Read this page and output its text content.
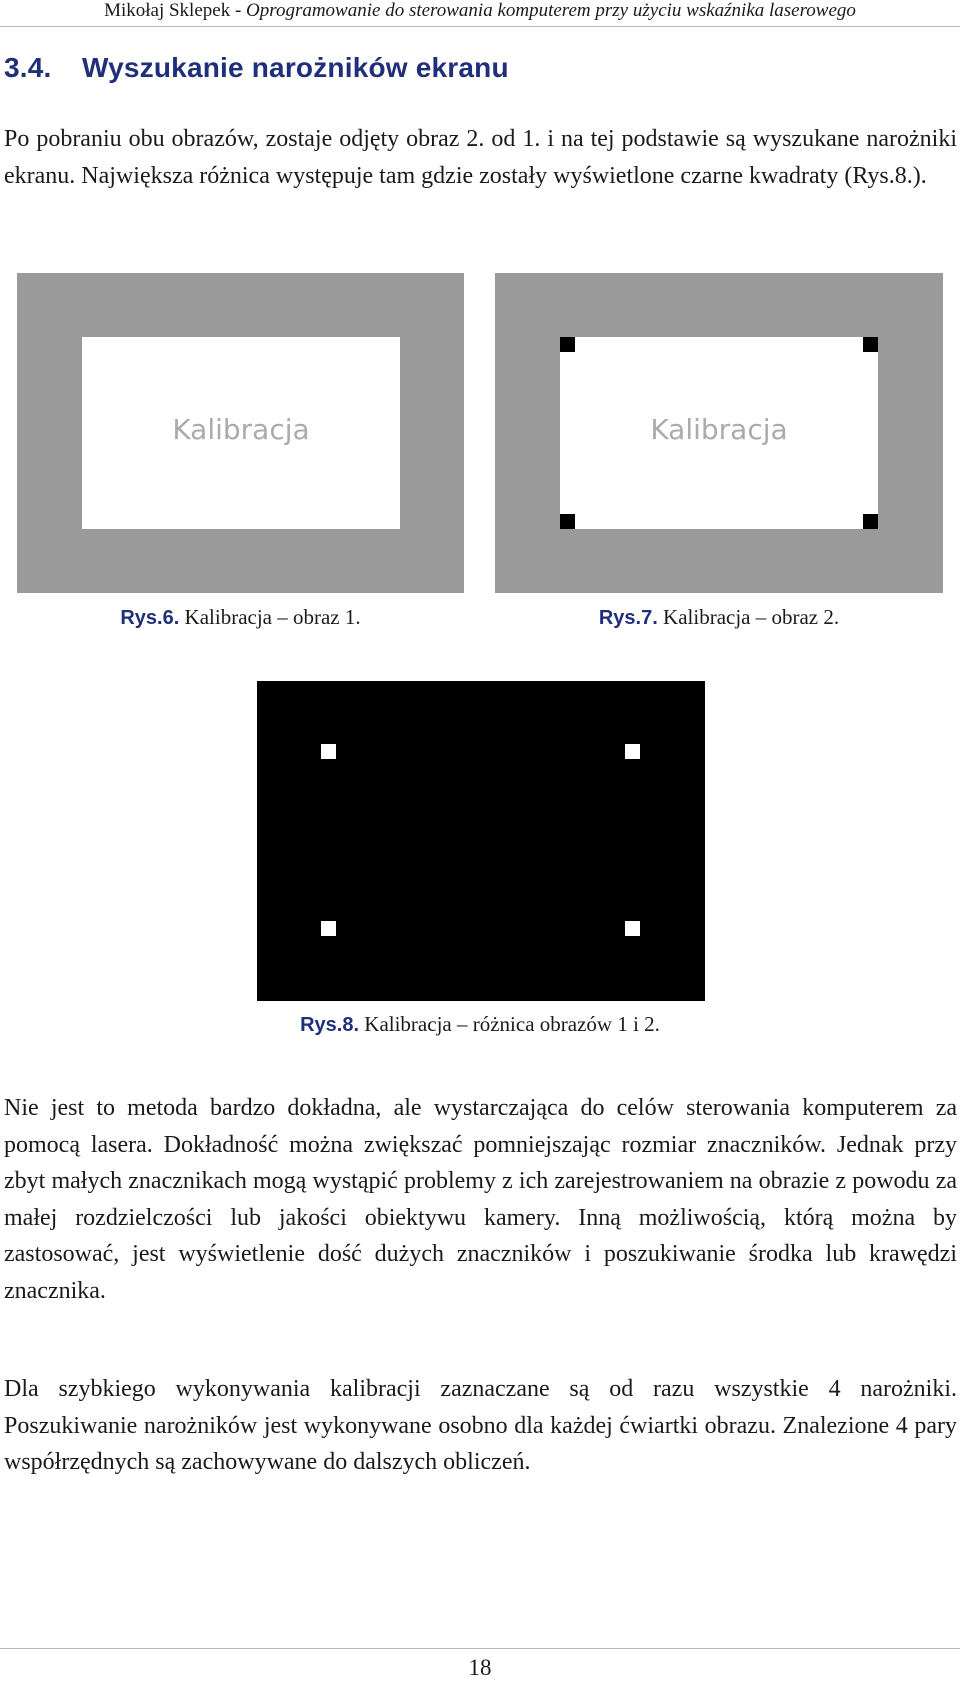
Mikołaj Sklepek - Oprogramowanie do sterowania komputerem przy użyciu wskaźnika laserowego
3.4. Wyszukanie narożników ekranu

Po pobraniu obu obrazów, zostaje odjęty obraz 2. od 1. i na tej podstawie są wyszukane narożniki ekranu. Największa różnica występuje tam gdzie zostały wyświetlone czarne kwadraty (Rys.8.).

Kalibracja
Rys.6. Kalibracja – obraz 1.
Kalibracja
Rys.7. Kalibracja – obraz 2.
Rys.8. Kalibracja – różnica obrazów 1 i 2.

Nie jest to metoda bardzo dokładna, ale wystarczająca do celów sterowania komputerem za pomocą lasera. Dokładność można zwiększać pomniejszając rozmiar znaczników. Jednak przy zbyt małych znacznikach mogą wystąpić problemy z ich zarejestrowaniem na obrazie z powodu za małej rozdzielczości lub jakości obiektywu kamery. Inną możliwością, którą można by zastosować, jest wyświetlenie dość dużych znaczników i poszukiwanie środka lub krawędzi znacznika.

Dla szybkiego wykonywania kalibracji zaznaczane są od razu wszystkie 4 narożniki. Poszukiwanie narożników jest wykonywane osobno dla każdej ćwiartki obrazu. Znalezione 4 pary współrzędnych są zachowywane do dalszych obliczeń.

18
